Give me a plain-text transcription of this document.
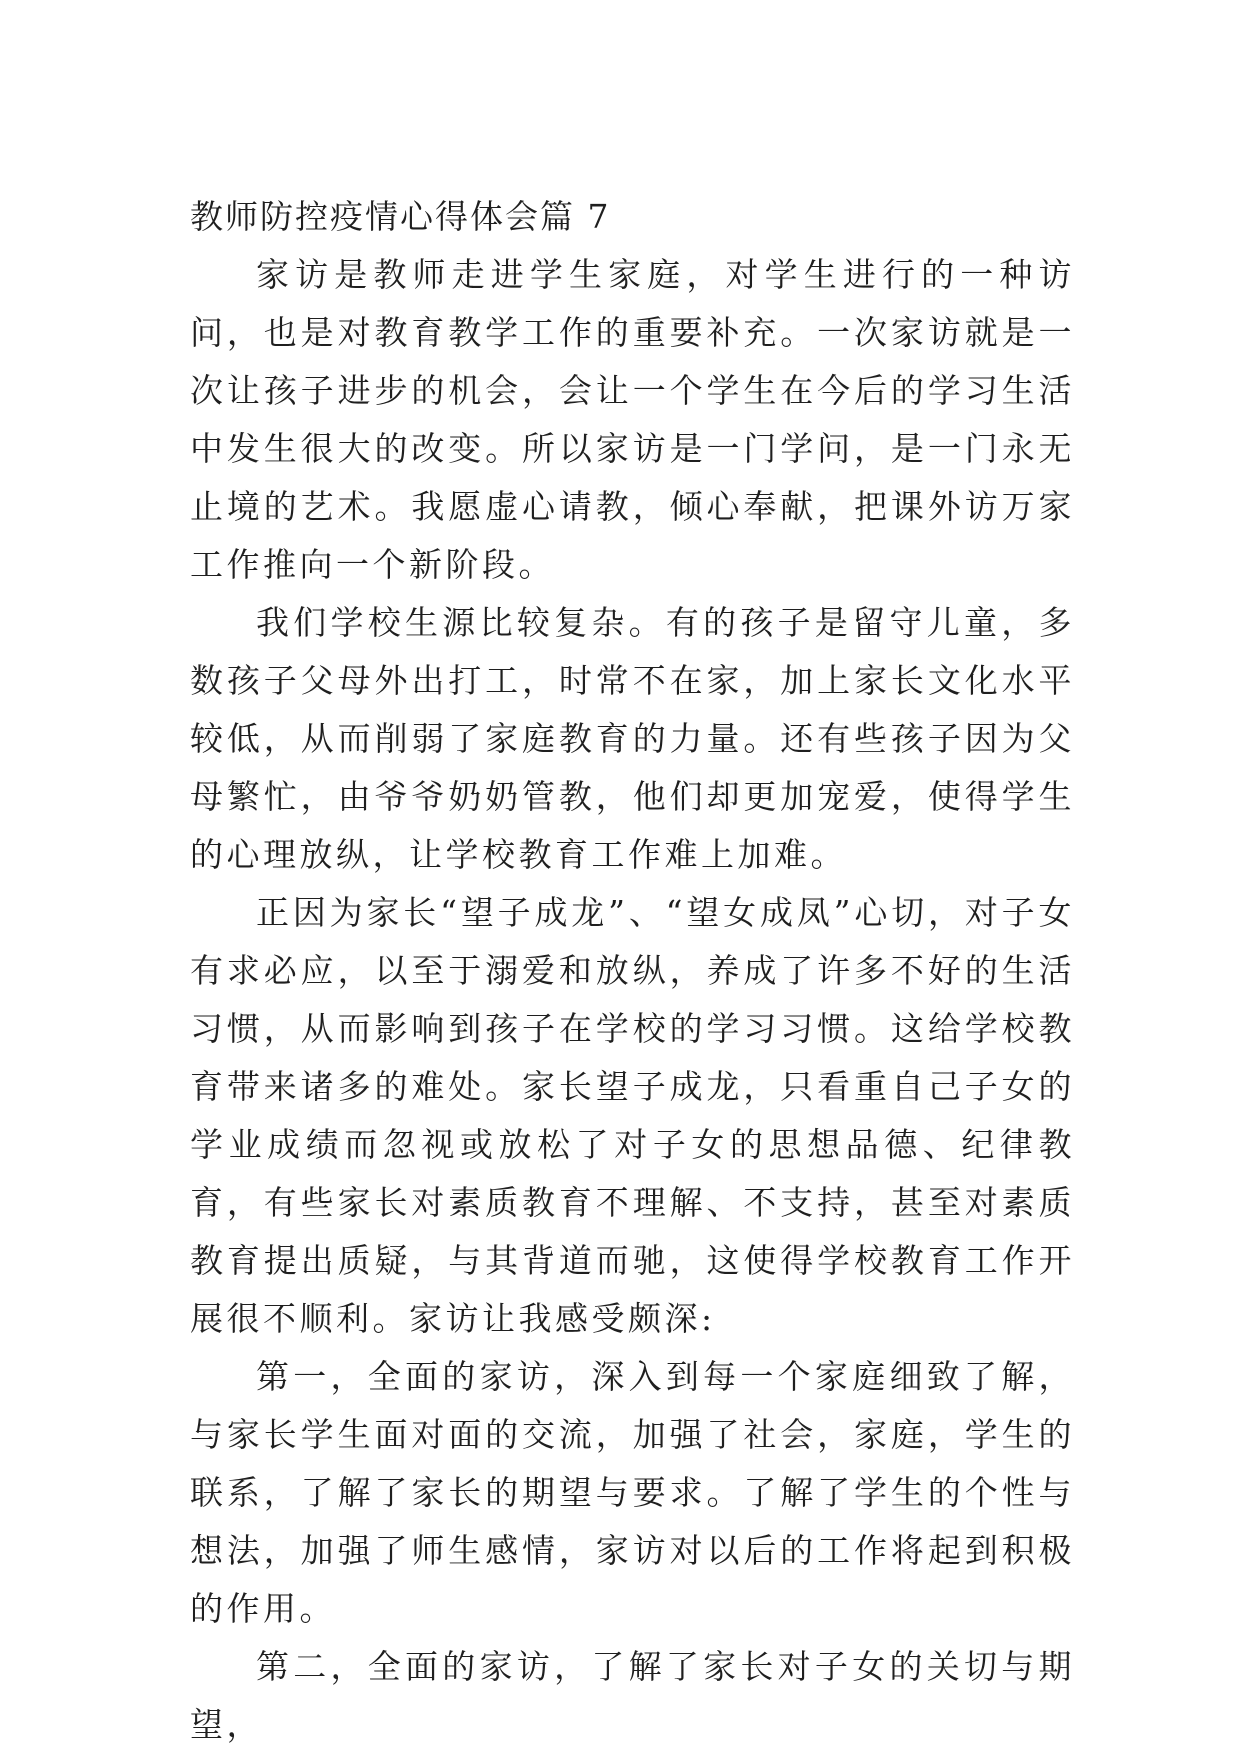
教师防控疫情心得体会篇 7

家访是教师走进学生家庭，对学生进行的一种访问，也是对教育教学工作的重要补充。一次家访就是一次让孩子进步的机会，会让一个学生在今后的学习生活中发生很大的改变。所以家访是一门学问，是一门永无止境的艺术。我愿虚心请教，倾心奉献，把课外访万家工作推向一个新阶段。

我们学校生源比较复杂。有的孩子是留守儿童，多数孩子父母外出打工，时常不在家，加上家长文化水平较低，从而削弱了家庭教育的力量。还有些孩子因为父母繁忙，由爷爷奶奶管教，他们却更加宠爱，使得学生的心理放纵，让学校教育工作难上加难。

正因为家长“望子成龙”、“望女成凤”心切，对子女有求必应，以至于溺爱和放纵，养成了许多不好的生活习惯，从而影响到孩子在学校的学习习惯。这给学校教育带来诸多的难处。家长望子成龙，只看重自己子女的学业成绩而忽视或放松了对子女的思想品德、纪律教育，有些家长对素质教育不理解、不支持，甚至对素质教育提出质疑，与其背道而驰，这使得学校教育工作开展很不顺利。家访让我感受颇深:

第一，全面的家访，深入到每一个家庭细致了解，与家长学生面对面的交流，加强了社会，家庭，学生的联系，了解了家长的期望与要求。了解了学生的个性与想法，加强了师生感情，家访对以后的工作将起到积极的作用。

第二，全面的家访，了解了家长对子女的关切与期望，
